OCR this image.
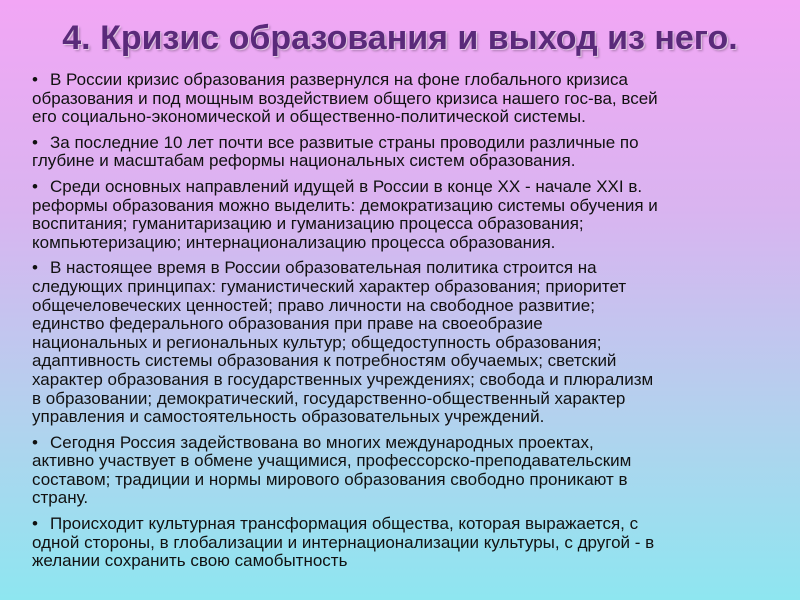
4. Кризис образования и выход из него.

• В России кризис образования развернулся на фоне глобального кризиса
образования и под мощным воздействием общего кризиса нашего гос-ва, всей
его социально-экономической и общественно-политической системы.

• За последние 10 лет почти все развитые страны проводили различные по
глубине и масштабам реформы национальных систем образования.

• Среди основных направлений идущей в России в конце XX - начале XXI в.
реформы образования можно выделить: демократизацию системы обучения и
воспитания; гуманитаризацию и гуманизацию процесса образования;
компьютеризацию; интернационализацию процесса образования.

• В настоящее время в России образовательная политика строится на
следующих принципах: гуманистический характер образования; приоритет
общечеловеческих ценностей; право личности на свободное развитие;
единство федерального образования при праве на своеобразие
национальных и региональных культур; общедоступность образования;
адаптивность системы образования к потребностям обучаемых; светский
характер образования в государственных учреждениях; свобода и плюрализм
в образовании; демократический, государственно-общественный характер
управления и самостоятельность образовательных учреждений.

• Сегодня Россия задействована во многих международных проектах,
активно участвует в обмене учащимися, профессорско-преподавательским
составом; традиции и нормы мирового образования свободно проникают в
страну.

• Происходит культурная трансформация общества, которая выражается, с
одной стороны, в глобализации и интернационализации культуры, с другой - в
желании сохранить свою самобытность
